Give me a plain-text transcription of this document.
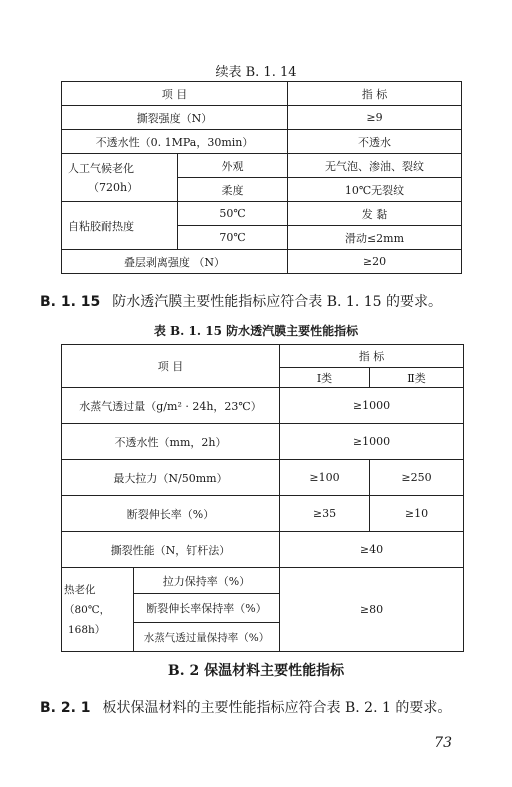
续表 B. 1. 14
项 目		指 标
撕裂强度（N）		≥9
不透水性（0. 1MPa，30min）		不透水
人工气候老化
（720h）	外观	无气泡、渗油、裂纹
	柔度	10℃无裂纹
自粘胶耐热度	50℃	发 黏
	70℃	滑动≤2mm
叠层剥离强度 （N）		≥20
B. 1. 15 防水透汽膜主要性能指标应符合表 B. 1. 15 的要求。
表 B. 1. 15 防水透汽膜主要性能指标
项 目		指 标	
		Ⅰ类	Ⅱ类
水蒸气透过量（g/m² · 24h，23℃）		≥1000	
不透水性（mm，2h）		≥1000	
最大拉力（N/50mm）		≥100	≥250
断裂伸长率（%）		≥35	≥10
撕裂性能（N，钉杆法）		≥40	
热老化（80℃，
168h）	拉力保持率（%）	≥80	
	断裂伸长率保持率（%）		
	水蒸气透过量保持率（%）		
B. 2 保温材料主要性能指标
B. 2. 1 板状保温材料的主要性能指标应符合表 B. 2. 1 的要求。
73
